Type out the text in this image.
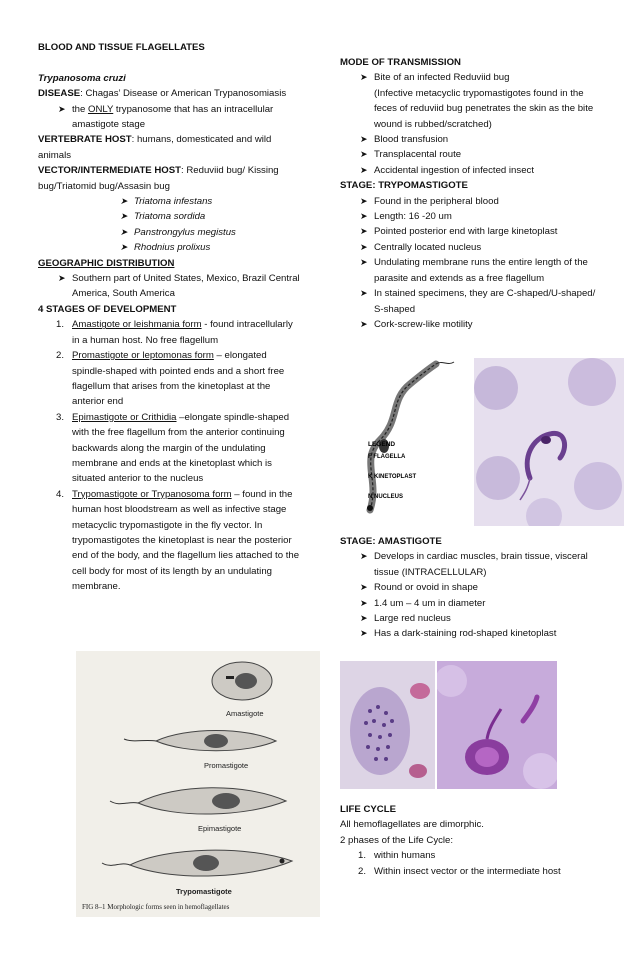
BLOOD AND TISSUE FLAGELLATES
Trypanosoma cruzi
DISEASE: Chagas’ Disease or American Trypanosomiasis
➤ the ONLY trypanosome that has an intracellular amastigote stage
VERTEBRATE HOST: humans, domesticated and wild animals
VECTOR/INTERMEDIATE HOST: Reduviid bug/ Kissing bug/Triatomid bug/Assasin bug
➤ Triatoma infestans
➤ Triatoma sordida
➤ Panstrongylus megistus
➤ Rhodnius prolixus
GEOGRAPHIC DISTRIBUTION
➤ Southern part of United States, Mexico, Brazil Central America, South America
4 STAGES OF DEVELOPMENT
1. Amastigote or leishmania form - found intracellularly in a human host. No free flagellum
2. Promastigote or leptomonas form – elongated spindle-shaped with pointed ends and a short free flagellum that arises from the kinetoplast at the anterior end
3. Epimastigote or Crithidia –elongate spindle-shaped with the free flagellum from the anterior continuing backwards along the margin of the undulating membrane and ends at the kinetoplast which is situated anterior to the nucleus
4. Trypomastigote or Trypanosoma form – found in the human host bloodstream as well as infective stage metacyclic trypomastigote in the fly vector. In trypomastigotes the kinetoplast is near the posterior end of the body, and the flagellum lies attached to the cell body for most of its length by an undulating membrane.
Amastigote
Promastigote
Epimastigote
Trypomastigote
FIG 8–1 Morphologic forms seen in hemoflagellates
MODE OF TRANSMISSION
➤ Bite of an infected Reduviid bug
(Infective metacyclic trypomastigotes found in the feces of reduviid bug penetrates the skin as the bite wound is rubbed/scratched)
➤ Blood transfusion
➤ Transplacental route
➤ Accidental ingestion of infected insect
STAGE: TRYPOMASTIGOTE
➤ Found in the peripheral blood
➤ Length: 16 -20 um
➤ Pointed posterior end with large kinetoplast
➤ Centrally located nucleus
➤ Undulating membrane runs the entire length of the parasite and extends as a free flagellum
➤ In stained specimens, they are C-shaped/U-shaped/ S-shaped
➤ Cork-screw-like motility
LEGEND
F FLAGELLA
K KINETOPLAST
N NUCLEUS
STAGE: AMASTIGOTE
➤ Develops in cardiac muscles, brain tissue, visceral tissue (INTRACELLULAR)
➤ Round or ovoid in shape
➤ 1.4 um – 4 um in diameter
➤ Large red nucleus
➤ Has a dark-staining rod-shaped kinetoplast
LIFE CYCLE
All hemoflagellates are dimorphic.
2 phases of the Life Cycle:
1. within humans
2. Within insect vector or the intermediate host
